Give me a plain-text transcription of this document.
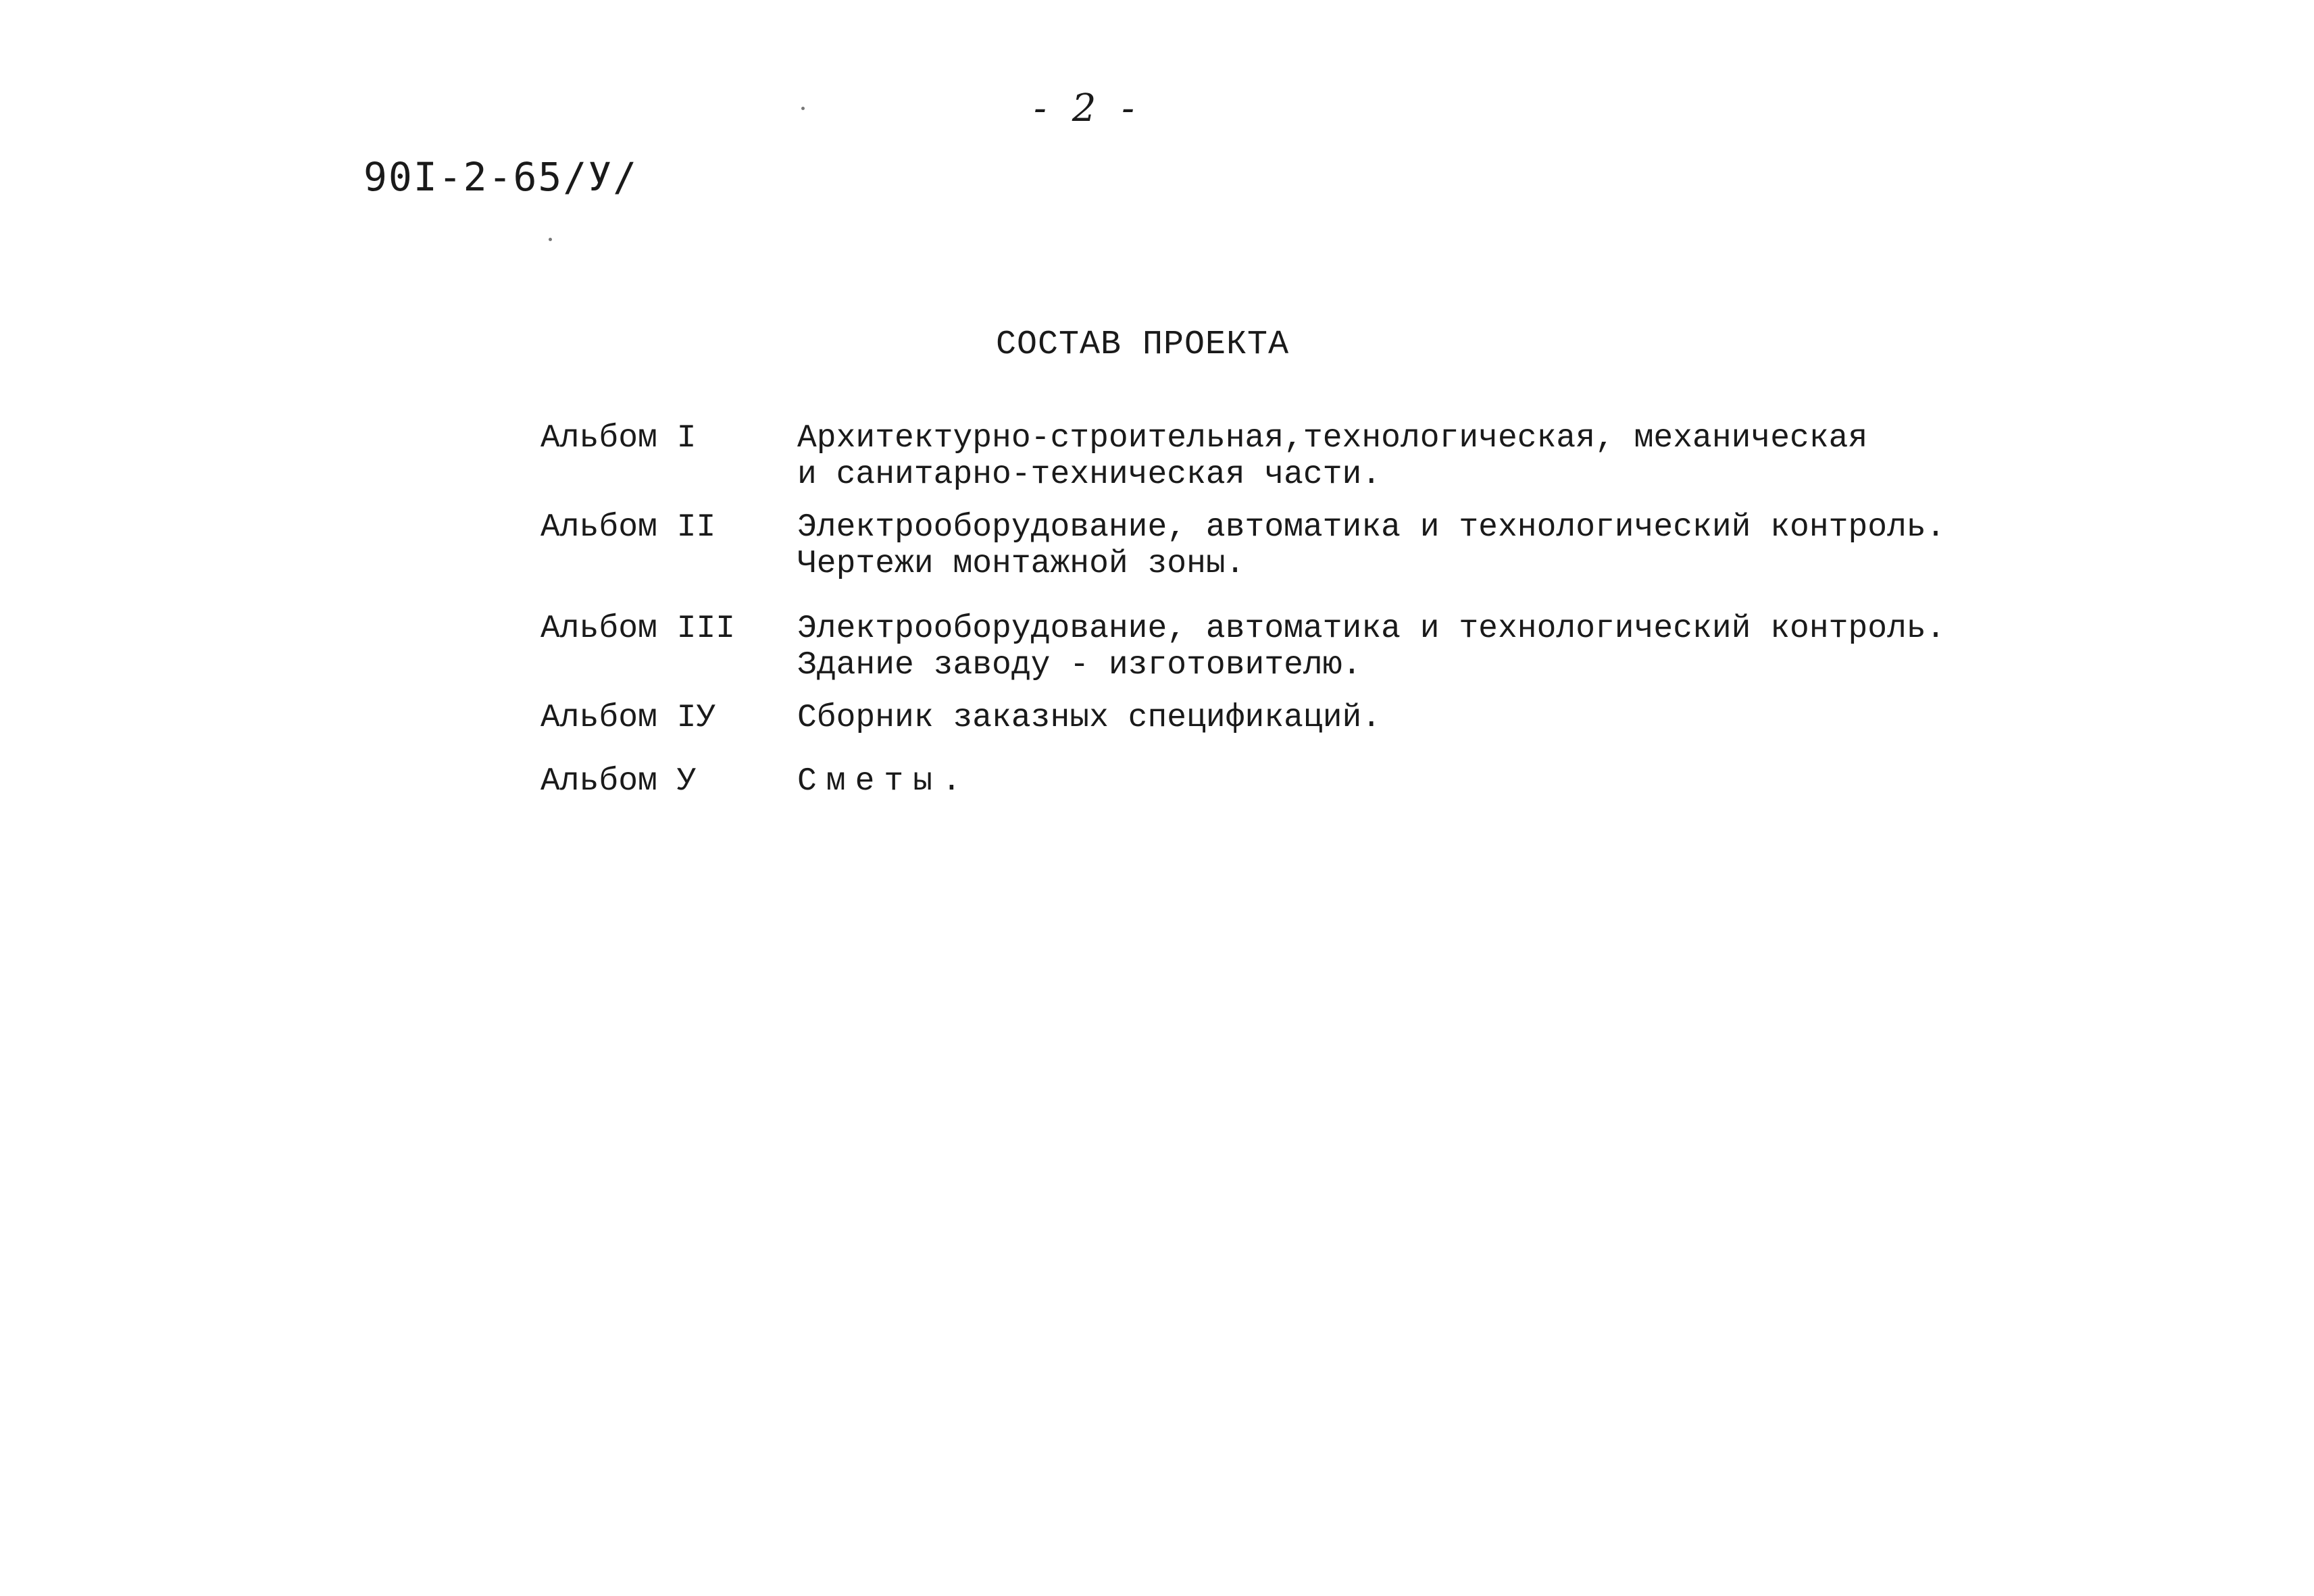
- 2 -
90I-2-65/У/
СОСТАВ ПРОЕКТА
Альбом I	Архитектурно-строительная,технологическая, механическая
и санитарно-техническая части.
Альбом II	Электрооборудование, автоматика и технологический контроль.
Чертежи монтажной зоны.
Альбом III	Электрооборудование, автоматика и технологический контроль.
Здание заводу - изготовителю.
Альбом IУ	Сборник заказных спецификаций.
Альбом У	Сметы.
